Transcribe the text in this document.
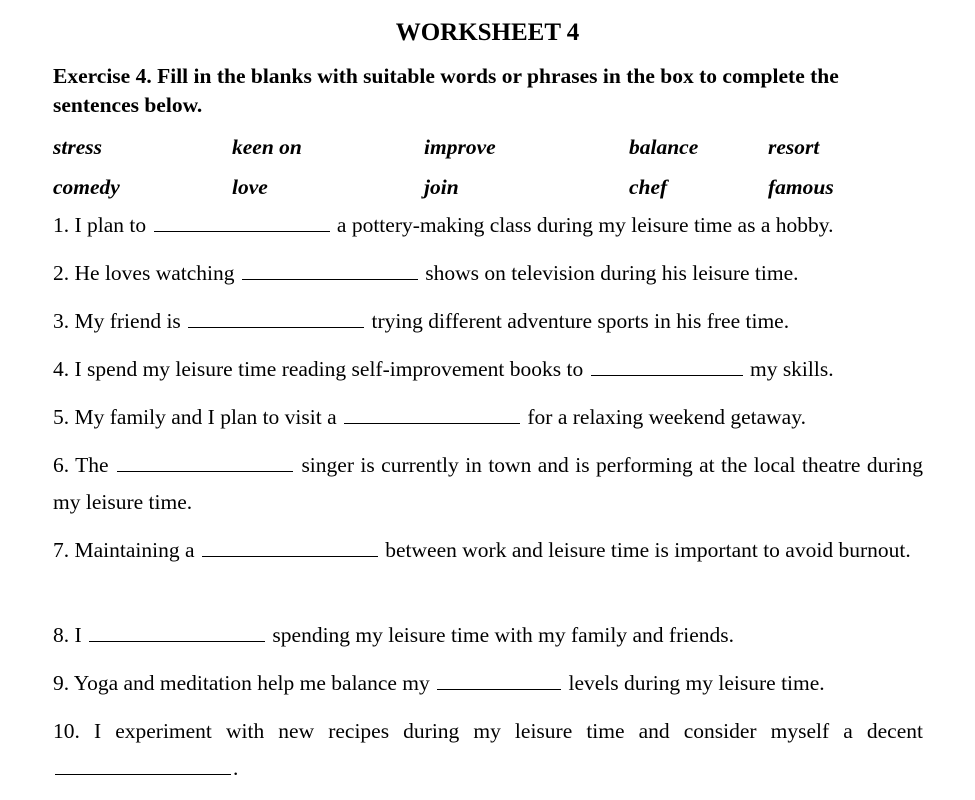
WORKSHEET 4
Exercise 4. Fill in the blanks with suitable words or phrases in the box to complete the sentences below.
stress	keen on	improve	balance	resort
comedy	love	join	chef	famous
1. I plan to	a pottery-making class during my leisure time as a hobby.
2. He loves watching	shows on television during his leisure time.
3. My friend is	trying different adventure sports in his free time.
4. I spend my leisure time reading self-improvement books to	my skills.
5. My family and I plan to visit a	for a relaxing weekend getaway.
6. The	singer is currently in town and is performing at the local theatre during my leisure time.
7. Maintaining a	between work and leisure time is important to avoid burnout.
8. I	spending my leisure time with my family and friends.
9. Yoga and meditation help me balance my	levels during my leisure time.
10. I experiment with new recipes during my leisure time and consider myself a decent .
